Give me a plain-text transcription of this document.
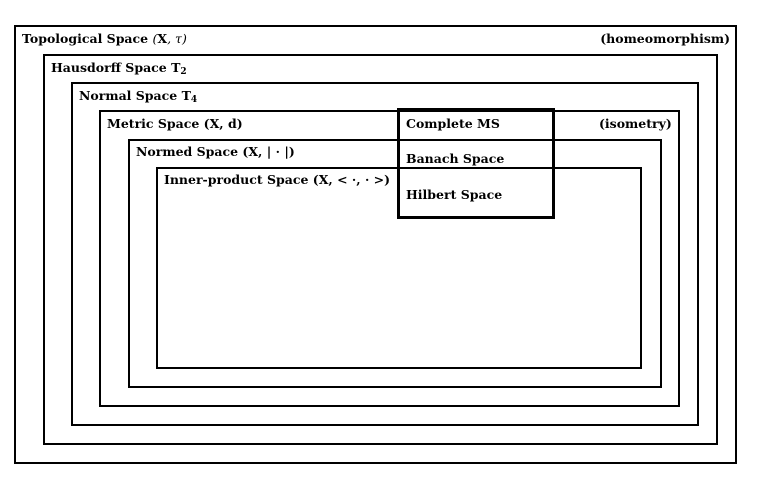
Topological Space (X, τ)	(homeomorphism)
Hausdorff Space $T_2$
Normal Space $T_4$
Metric Space (X, d)	(isometry)
Normed Space (X, | · |)
Inner-product Space (X, < ·, · >)
Complete MS
Banach Space
Hilbert Space
